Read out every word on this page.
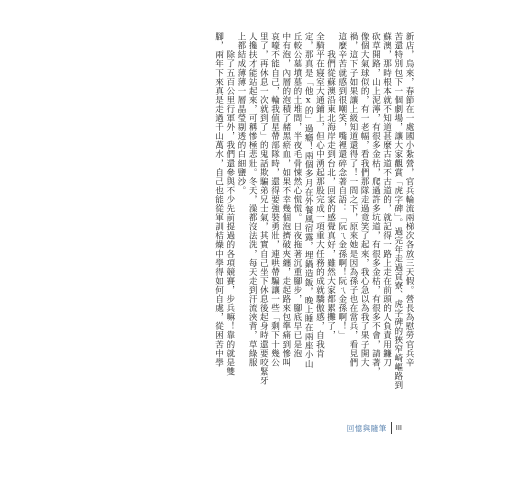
新店，烏來，春節在一處國小紮營，官兵輪流兩梯次各放三天假。營長為慰勞官兵辛

苦還特別包下一個劇場，讓大家觀賞「虎字碑」。過完年走過貢寮、虎字碑的狹窄崎嶇路到

蘇澳，那時根本就不知道甚麼古道不古道的，就記得一路上走在前頭的人負責用鐮刀

砍草開路，山上泥濘，有很多金枯，爬過許多坑道，有很多金枯，有很多不會，請著，

像個大氣球似的，有一老幅，看我們那隊走過竟笑了起來，我心急以為我了果子開大

禍，這下子如果讓上級知道還得了！一問之下，原來她是因為孫子也在當兵，看見們

這麼辛苦就感到很嘲笑，嘴裡還碎念著自語：「阮ㄟ金孫啊！阮ㄟ金孫啊！」

　　我們從蘇澳沿東北海岸走到台北，回家的感覺真好，雖然大家都累攤了，

全騎平在寢室大通鋪上，但心中湧起那股完成一項重大任務的成就驕傲感，自我肯

定，那真是「他x的」過癮！兩個多月在外餐風宿露，埋鍋造飯，晚上睡在兩座小山

丘較公墓墳墓的土堆間，半夜毛骨悚然心慌慌。日夜拖著沉重腳步，腳底早已是泡

中有泡，內層的泡積了赭黑瘀血，如果不幸幾個泡擠破夾纏，走起路來包準痛到慘叫

哀嚎不能自己，輪我值星帶部隊時，還得要強裝勇壯，連哄帶騙讓一些「剩下十幾公

里了，再休息一次就到了」的鬼話欺騙弟兄士氣，其實自己坐下休息後起身時還要咬緊牙

人攙扶才能站起來，可稱慘極悲壯。冬天，澡都沒法洗，每天走到汗流浹背，草綠服

上都結成薄薄一層晶瑩剔透的白細鹽沙。

　　除了五百公里行軍外，我們還參與不少先前提過的各項競賽，步兵嘛！靠的就是雙

腳，兩年下來真是走過千山萬水，自己也能從軍訓桔燥中學得如何自處，從困苦中學

回憶與隨筆 III
